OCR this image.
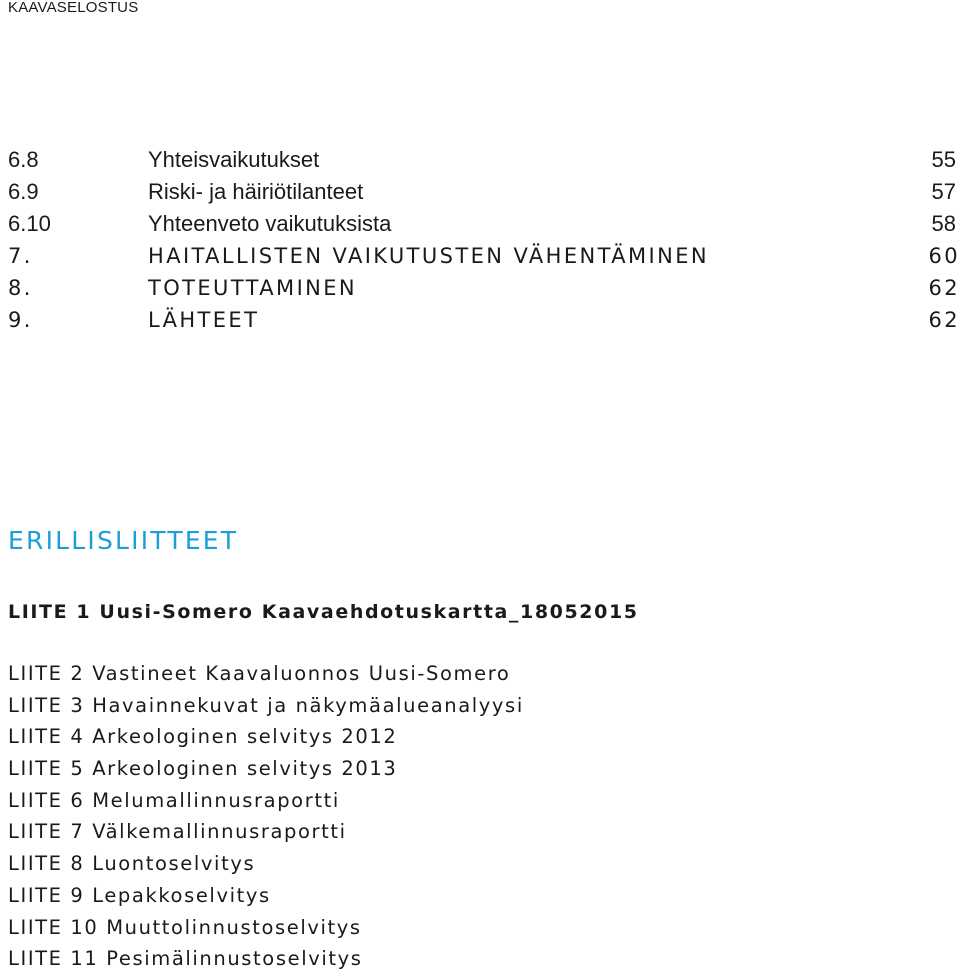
KAAVASELOSTUS
6.8	Yhteisvaikutukset	55
6.9	Riski- ja häiriötilanteet	57
6.10	Yhteenveto vaikutuksista	58
7.	HAITALLISTEN VAIKUTUSTEN VÄHENTÄMINEN	60
8.	TOTEUTTAMINEN	62
9.	LÄHTEET	62
ERILLISLIITTEET
LIITE 1 Uusi-Somero Kaavaehdotuskartta_18052015
LIITE 2 Vastineet Kaavaluonnos Uusi-Somero
LIITE 3 Havainnekuvat ja näkymäalueanalyysi
LIITE 4 Arkeologinen selvitys 2012
LIITE 5 Arkeologinen selvitys 2013
LIITE 6 Melumallinnusraportti
LIITE 7 Välkemallinnusraportti
LIITE 8 Luontoselvitys
LIITE 9 Lepakkoselvitys
LIITE 10 Muuttolinnustoselvitys
LIITE 11 Pesimälinnustoselvitys
